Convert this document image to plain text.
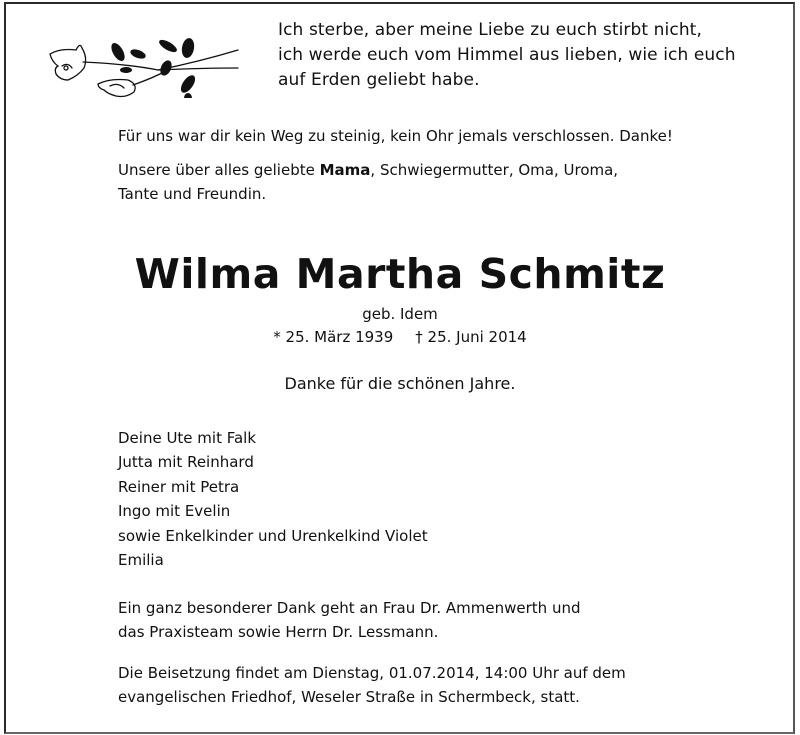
Ich sterbe, aber meine Liebe zu euch stirbt nicht,
ich werde euch vom Himmel aus lieben, wie ich euch
auf Erden geliebt habe.
Für uns war dir kein Weg zu steinig, kein Ohr jemals verschlossen. Danke!
Unsere über alles geliebte Mama, Schwiegermutter, Oma, Uroma,
Tante und Freundin.
Wilma Martha Schmitz
geb. Idem
* 25. März 1939 † 25. Juni 2014
Danke für die schönen Jahre.
Deine Ute mit Falk
Jutta mit Reinhard
Reiner mit Petra
Ingo mit Evelin
sowie Enkelkinder und Urenkelkind Violet
Emilia
Ein ganz besonderer Dank geht an Frau Dr. Ammenwerth und
das Praxisteam sowie Herrn Dr. Lessmann.
Die Beisetzung findet am Dienstag, 01.07.2014, 14:00 Uhr auf dem
evangelischen Friedhof, Weseler Straße in Schermbeck, statt.
